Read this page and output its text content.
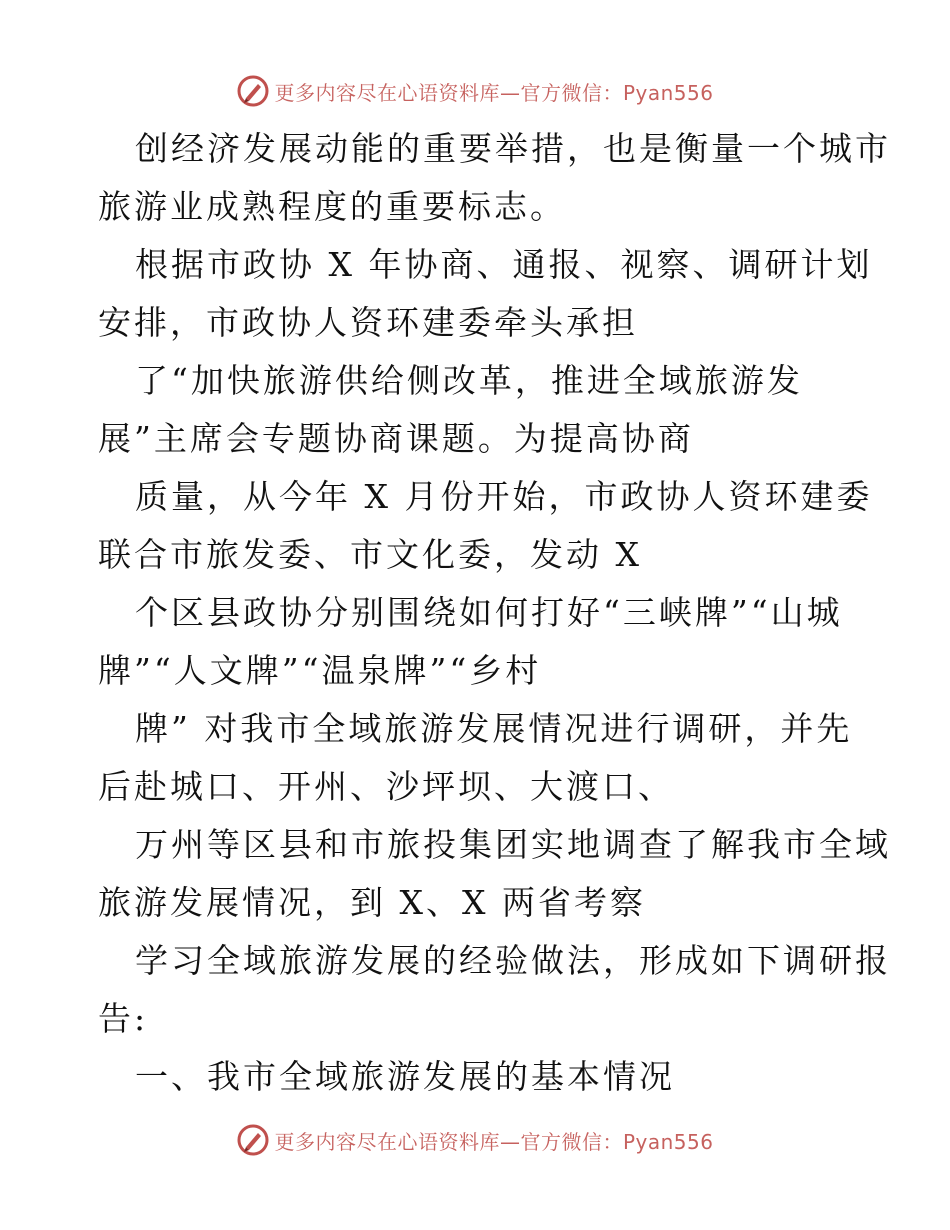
更多内容尽在心语资料库—官方微信：Pyan556
创经济发展动能的重要举措，也是衡量一个城市
旅游业成熟程度的重要标志。
根据市政协 X 年协商、通报、视察、调研计划
安排，市政协人资环建委牵头承担
了“加快旅游供给侧改革，推进全域旅游发
展”主席会专题协商课题。为提高协商
质量，从今年 X 月份开始，市政协人资环建委
联合市旅发委、市文化委，发动 X
个区县政协分别围绕如何打好“三峡牌”“山城
牌”“人文牌”“温泉牌”“乡村
牌” 对我市全域旅游发展情况进行调研，并先
后赴城口、开州、沙坪坝、大渡口、
万州等区县和市旅投集团实地调查了解我市全域
旅游发展情况，到 X、X 两省考察
学习全域旅游发展的经验做法，形成如下调研报
告:
一、我市全域旅游发展的基本情况
更多内容尽在心语资料库—官方微信：Pyan556
